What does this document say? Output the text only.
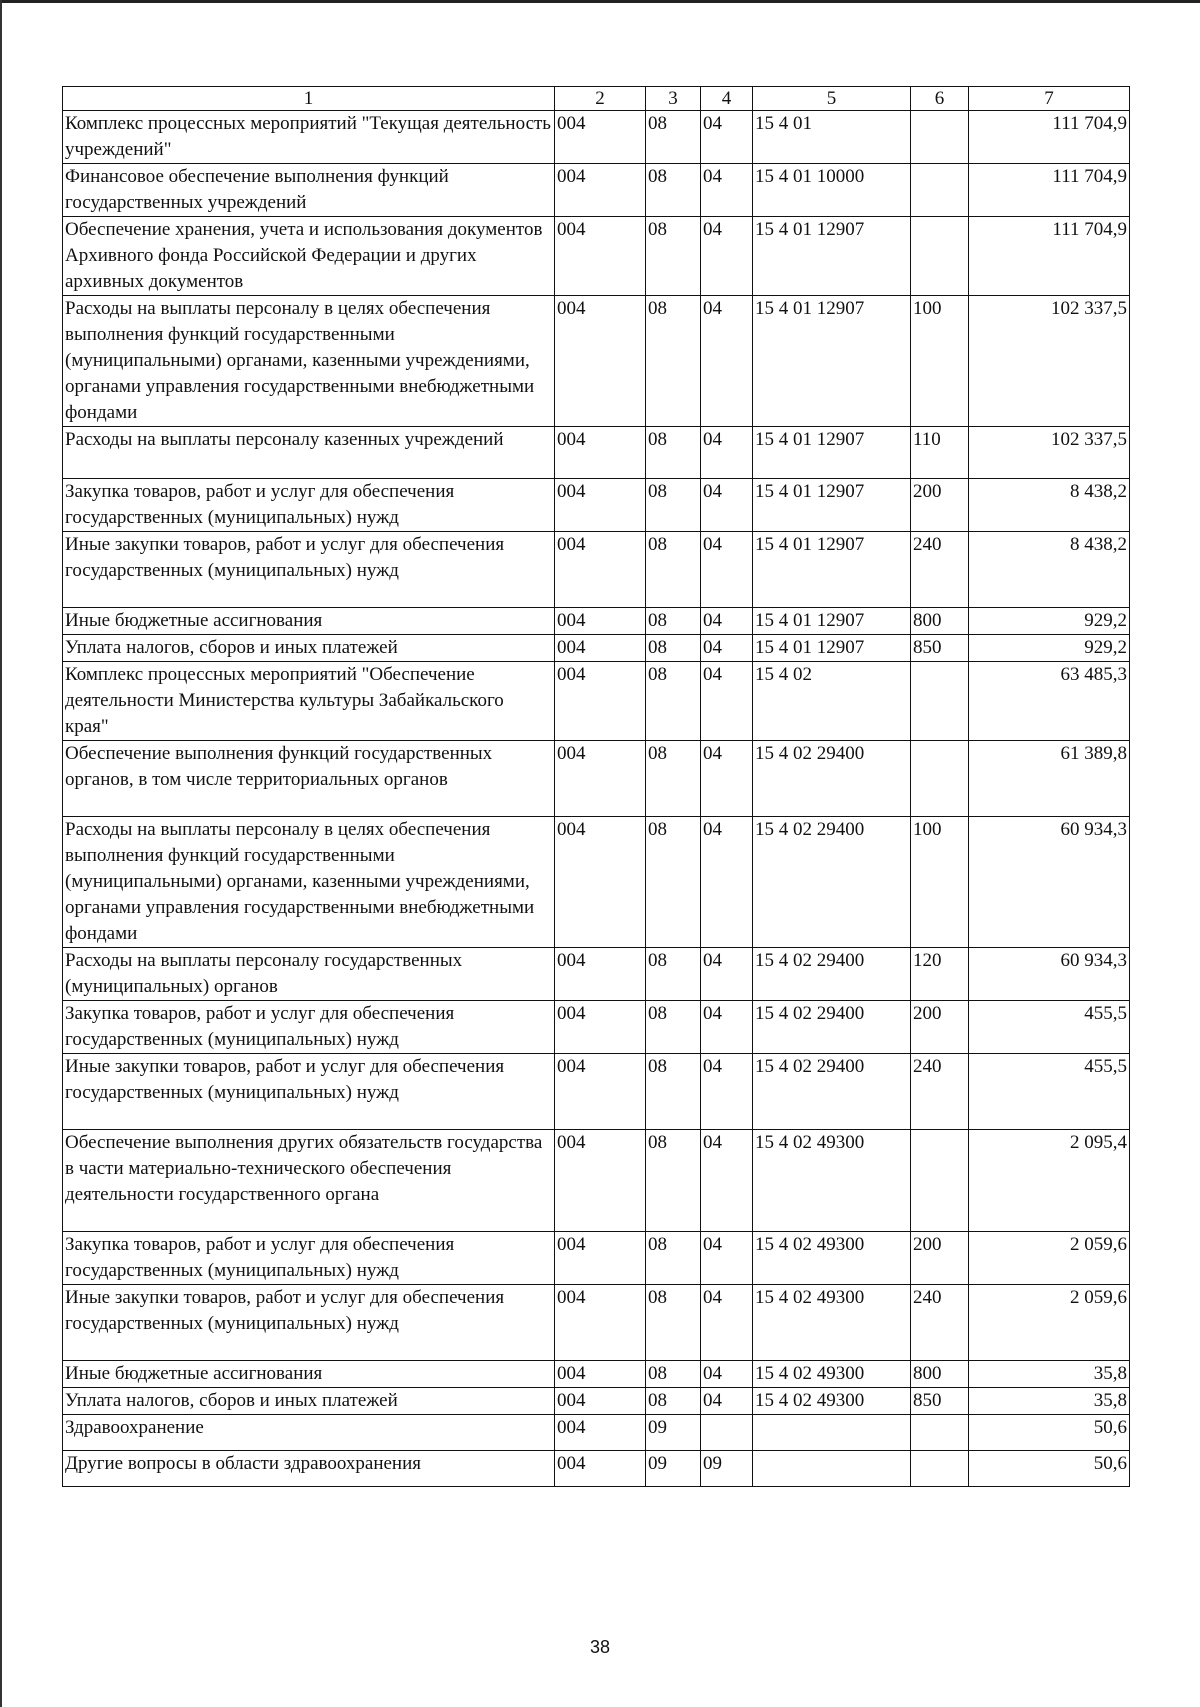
1	2	3	4	5	6	7
Комплекс процессных мероприятий "Текущая деятельность учреждений"	004	08	04	15 4 01		111 704,9
Финансовое обеспечение выполнения функций государственных учреждений	004	08	04	15 4 01 10000		111 704,9
Обеспечение хранения, учета и использования документов Архивного фонда Российской Федерации и других архивных документов	004	08	04	15 4 01 12907		111 704,9
Расходы на выплаты персоналу в целях обеспечения выполнения функций государственными (муниципальными) органами, казенными учреждениями, органами управления государственными внебюджетными фондами	004	08	04	15 4 01 12907	100	102 337,5
Расходы на выплаты персоналу казенных учреждений	004	08	04	15 4 01 12907	110	102 337,5
Закупка товаров, работ и услуг для обеспечения государственных (муниципальных) нужд	004	08	04	15 4 01 12907	200	8 438,2
Иные закупки товаров, работ и услуг для обеспечения государственных (муниципальных) нужд	004	08	04	15 4 01 12907	240	8 438,2
Иные бюджетные ассигнования	004	08	04	15 4 01 12907	800	929,2
Уплата налогов, сборов и иных платежей	004	08	04	15 4 01 12907	850	929,2
Комплекс процессных мероприятий "Обеспечение деятельности Министерства культуры Забайкальского края"	004	08	04	15 4 02		63 485,3
Обеспечение выполнения функций государственных органов, в том числе территориальных органов	004	08	04	15 4 02 29400		61 389,8
Расходы на выплаты персоналу в целях обеспечения выполнения функций государственными (муниципальными) органами, казенными учреждениями, органами управления государственными внебюджетными фондами	004	08	04	15 4 02 29400	100	60 934,3
Расходы на выплаты персоналу государственных (муниципальных) органов	004	08	04	15 4 02 29400	120	60 934,3
Закупка товаров, работ и услуг для обеспечения государственных (муниципальных) нужд	004	08	04	15 4 02 29400	200	455,5
Иные закупки товаров, работ и услуг для обеспечения государственных (муниципальных) нужд	004	08	04	15 4 02 29400	240	455,5
Обеспечение выполнения других обязательств государства в части материально-технического обеспечения деятельности государственного органа	004	08	04	15 4 02 49300		2 095,4
Закупка товаров, работ и услуг для обеспечения государственных (муниципальных) нужд	004	08	04	15 4 02 49300	200	2 059,6
Иные закупки товаров, работ и услуг для обеспечения государственных (муниципальных) нужд	004	08	04	15 4 02 49300	240	2 059,6
Иные бюджетные ассигнования	004	08	04	15 4 02 49300	800	35,8
Уплата налогов, сборов и иных платежей	004	08	04	15 4 02 49300	850	35,8
Здравоохранение	004	09				50,6
Другие вопросы в области здравоохранения	004	09	09			50,6
38
